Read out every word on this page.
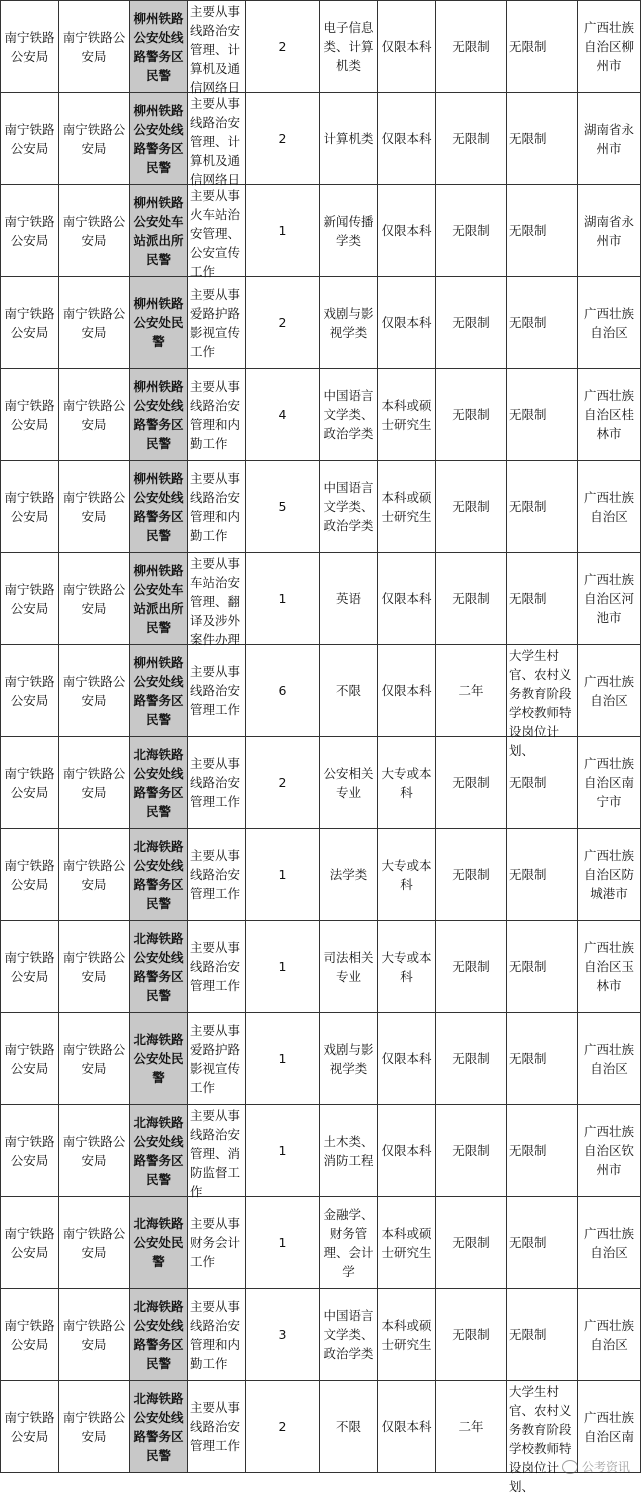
南宁铁路公安局	南宁铁路公安局	柳州铁路公安处线路警务区民警	主要从事线路治安管理、计算机及通信网络日	2	电子信息类、计算机类	仅限本科	无限制	无限制	广西壮族自治区柳州市

南宁铁路公安局	南宁铁路公安局	柳州铁路公安处线路警务区民警	主要从事线路治安管理、计算机及通信网络日	2	计算机类	仅限本科	无限制	无限制	湖南省永州市

南宁铁路公安局	南宁铁路公安局	柳州铁路公安处车站派出所民警	主要从事火车站治安管理、公安宣传工作	1	新闻传播学类	仅限本科	无限制	无限制	湖南省永州市

南宁铁路公安局	南宁铁路公安局	柳州铁路公安处民警	主要从事爱路护路影视宣传工作	2	戏剧与影视学类	仅限本科	无限制	无限制	广西壮族自治区

南宁铁路公安局	南宁铁路公安局	柳州铁路公安处线路警务区民警	主要从事线路治安管理和内勤工作	4	中国语言文学类、政治学类	本科或硕士研究生	无限制	无限制	广西壮族自治区桂林市

南宁铁路公安局	南宁铁路公安局	柳州铁路公安处线路警务区民警	主要从事线路治安管理和内勤工作	5	中国语言文学类、政治学类	本科或硕士研究生	无限制	无限制	广西壮族自治区

南宁铁路公安局	南宁铁路公安局	柳州铁路公安处车站派出所民警	主要从事车站治安管理、翻译及涉外案件办理	1	英语	仅限本科	无限制	无限制	广西壮族自治区河池市

南宁铁路公安局	南宁铁路公安局	柳州铁路公安处线路警务区民警	主要从事线路治安管理工作	6	不限	仅限本科	二年	大学生村官、农村义务教育阶段学校教师特设岗位计划、	广西壮族自治区

南宁铁路公安局	南宁铁路公安局	北海铁路公安处线路警务区民警	主要从事线路治安管理工作	2	公安相关专业	大专或本科	无限制	无限制	广西壮族自治区南宁市

南宁铁路公安局	南宁铁路公安局	北海铁路公安处线路警务区民警	主要从事线路治安管理工作	1	法学类	大专或本科	无限制	无限制	广西壮族自治区防城港市

南宁铁路公安局	南宁铁路公安局	北海铁路公安处线路警务区民警	主要从事线路治安管理工作	1	司法相关专业	大专或本科	无限制	无限制	广西壮族自治区玉林市

南宁铁路公安局	南宁铁路公安局	北海铁路公安处民警	主要从事爱路护路影视宣传工作	1	戏剧与影视学类	仅限本科	无限制	无限制	广西壮族自治区

南宁铁路公安局	南宁铁路公安局	北海铁路公安处线路警务区民警	主要从事线路治安管理、消防监督工作	1	土木类、消防工程	仅限本科	无限制	无限制	广西壮族自治区钦州市

南宁铁路公安局	南宁铁路公安局	北海铁路公安处民警	主要从事财务会计工作	1	金融学、财务管理、会计学	本科或硕士研究生	无限制	无限制	广西壮族自治区

南宁铁路公安局	南宁铁路公安局	北海铁路公安处线路警务区民警	主要从事线路治安管理和内勤工作	3	中国语言文学类、政治学类	本科或硕士研究生	无限制	无限制	广西壮族自治区

南宁铁路公安局	南宁铁路公安局	北海铁路公安处线路警务区民警	主要从事线路治安管理工作	2	不限	仅限本科	二年	大学生村官、农村义务教育阶段学校教师特设岗位计划、	广西壮族自治区南
公考资讯
